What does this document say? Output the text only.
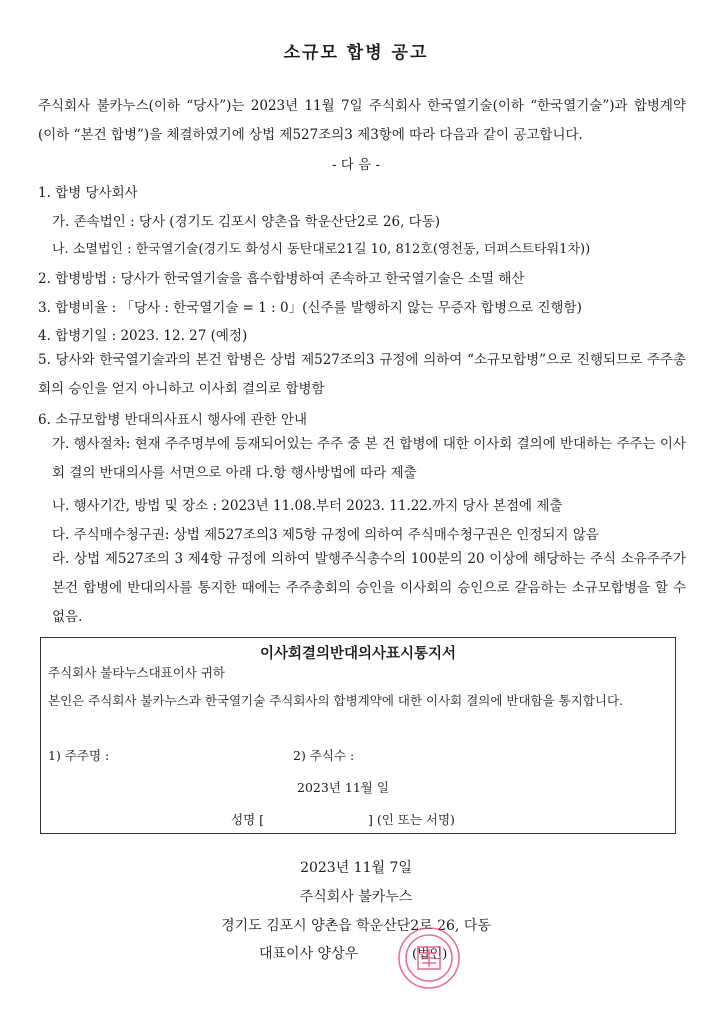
소규모 합병 공고
주식회사 불카누스(이하 “당사”)는 2023년 11월 7일 주식회사 한국열기술(이하 “한국열기술”)과 합병계약(이하 “본건 합병”)을 체결하였기에 상법 제527조의3 제3항에 따라 다음과 같이 공고합니다.
- 다 음 -
1. 합병 당사회사
가. 존속법인 : 당사 (경기도 김포시 양촌읍 학운산단2로 26, 다동)
나. 소멸법인 : 한국열기술(경기도 화성시 동탄대로21길 10, 812호(영천동, 더퍼스트타워1차))
2. 합병방법 : 당사가 한국열기술을 흡수합병하여 존속하고 한국열기술은 소멸 해산
3. 합병비율 : 「당사 : 한국열기술 = 1 : 0」(신주를 발행하지 않는 무증자 합병으로 진행함)
4. 합병기일 : 2023. 12. 27 (예정)
5. 당사와 한국열기술과의 본건 합병은 상법 제527조의3 규정에 의하여 “소규모합병”으로 진행되므로 주주총회의 승인을 얻지 아니하고 이사회 결의로 합병함
6. 소규모합병 반대의사표시 행사에 관한 안내
가. 행사절차: 현재 주주명부에 등재되어있는 주주 중 본 건 합병에 대한 이사회 결의에 반대하는 주주는 이사회 결의 반대의사를 서면으로 아래 다.항 행사방법에 따라 제출
나. 행사기간, 방법 및 장소 : 2023년 11.08.부터 2023. 11.22.까지 당사 본점에 제출
다. 주식매수청구권: 상법 제527조의3 제5항 규정에 의하여 주식매수청구권은 인정되지 않음
라. 상법 제527조의 3 제4항 규정에 의하여 발행주식총수의 100분의 20 이상에 해당하는 주식 소유주주가 본건 합병에 반대의사를 통지한 때에는 주주총회의 승인을 이사회의 승인으로 갈음하는 소규모합병을 할 수 없음.
이사회결의반대의사표시통지서
주식회사 불타누스대표이사 귀하
본인은 주식회사 불카누스과 한국열기술 주식회사의 합병계약에 대한 이사회 결의에 반대함을 통지합니다.
1) 주주명 :	2) 주식수 :
2023년 11월 일
성명 [	] (인 또는 서명)
2023년 11월 7일
주식회사 불카누스
경기도 김포시 양촌읍 학운산단2로 26, 다동
대표이사 양상우	(법인)
